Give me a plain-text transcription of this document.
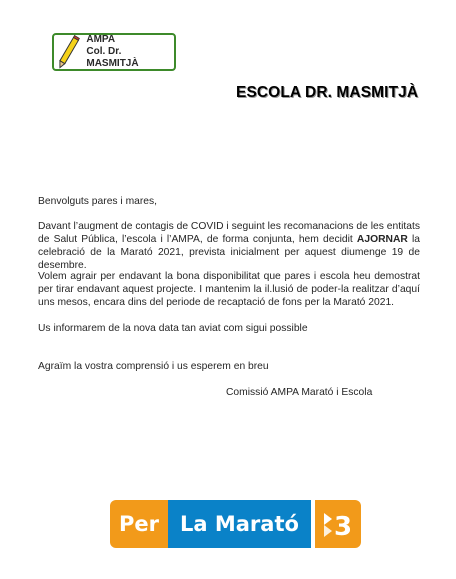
AMPA
Col. Dr. MASMITJÀ
ESCOLA DR. MASMITJÀ
Benvolguts pares i mares,
Davant l’augment de contagis de COVID i seguint les recomanacions de les entitats de Salut Pública, l’escola i l’AMPA, de forma conjunta, hem decidit AJORNAR la celebració de la Marató 2021, prevista inicialment per aquest diumenge 19 de desembre.
Volem agrair per endavant la bona disponibilitat que pares i escola heu demostrat per tirar endavant aquest projecte. I mantenim la il.lusió de poder-la realitzar d’aquí uns mesos, encara dins del periode de recaptació de fons per la Marató 2021.
Us informarem de la nova data tan aviat com sigui possible
Agraïm la vostra comprensió i us esperem en breu
Comissió AMPA Marató i Escola
Per	La Marató	3
